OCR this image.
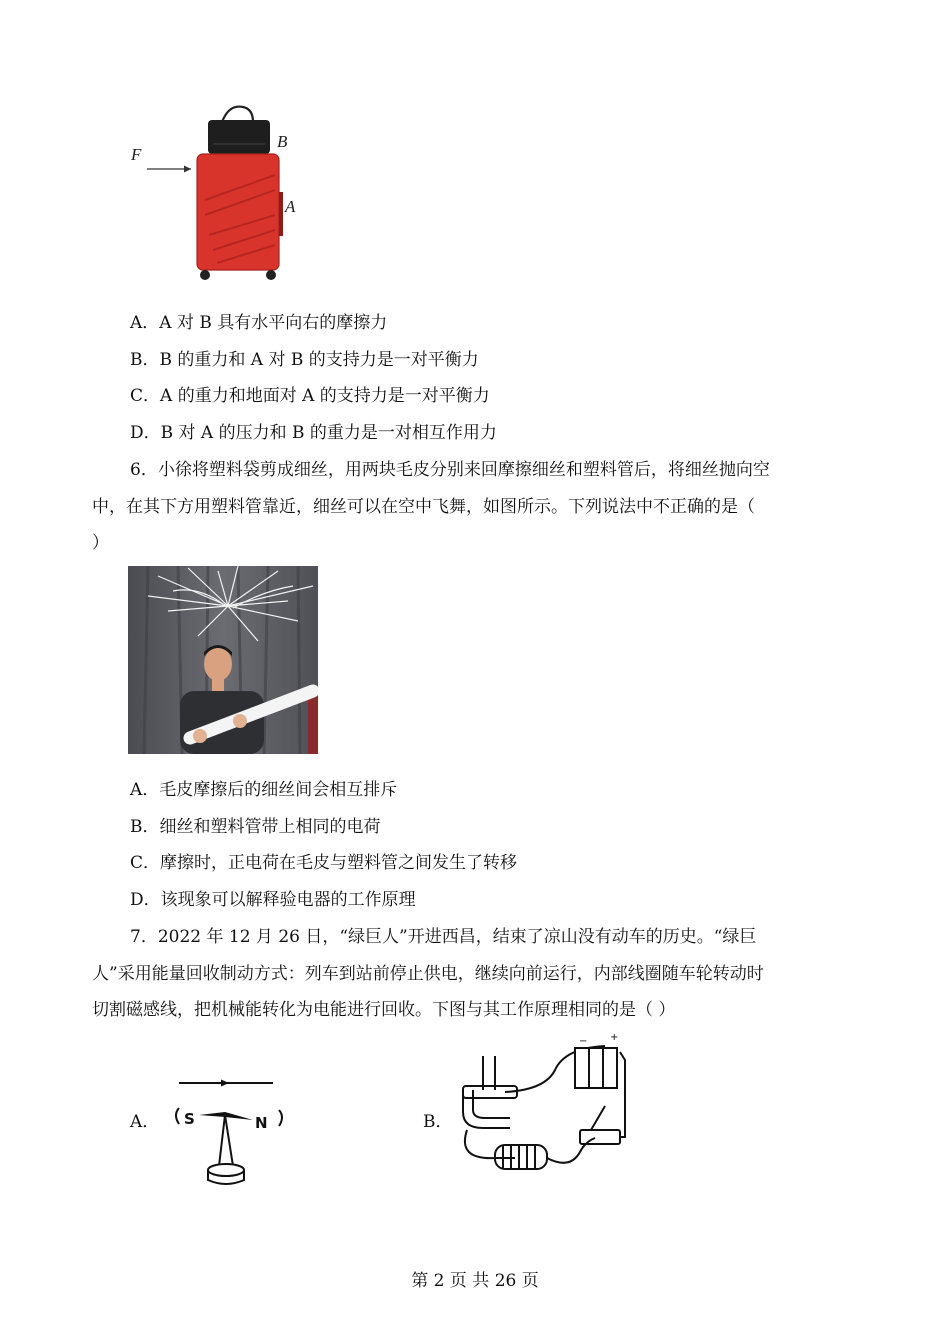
F
B
A
A．A 对 B 具有水平向右的摩擦力
B．B 的重力和 A 对 B 的支持力是一对平衡力
C．A 的重力和地面对 A 的支持力是一对平衡力
D．B 对 A 的压力和 B 的重力是一对相互作用力
6．小徐将塑料袋剪成细丝，用两块毛皮分别来回摩擦细丝和塑料管后，将细丝抛向空
中，在其下方用塑料管靠近，细丝可以在空中飞舞，如图所示。下列说法中不正确的是（
）
A．毛皮摩擦后的细丝间会相互排斥
B．细丝和塑料管带上相同的电荷
C．摩擦时，正电荷在毛皮与塑料管之间发生了转移
D．该现象可以解释验电器的工作原理
7．2022 年 12 月 26 日，“绿巨人”开进西昌，结束了凉山没有动车的历史。“绿巨
人”采用能量回收制动方式：列车到站前停止供电，继续向前运行，内部线圈随车轮转动时
切割磁感线，把机械能转化为电能进行回收。下图与其工作原理相同的是（ ）
A． S	N	B．
− +
第 2 页 共 26 页
